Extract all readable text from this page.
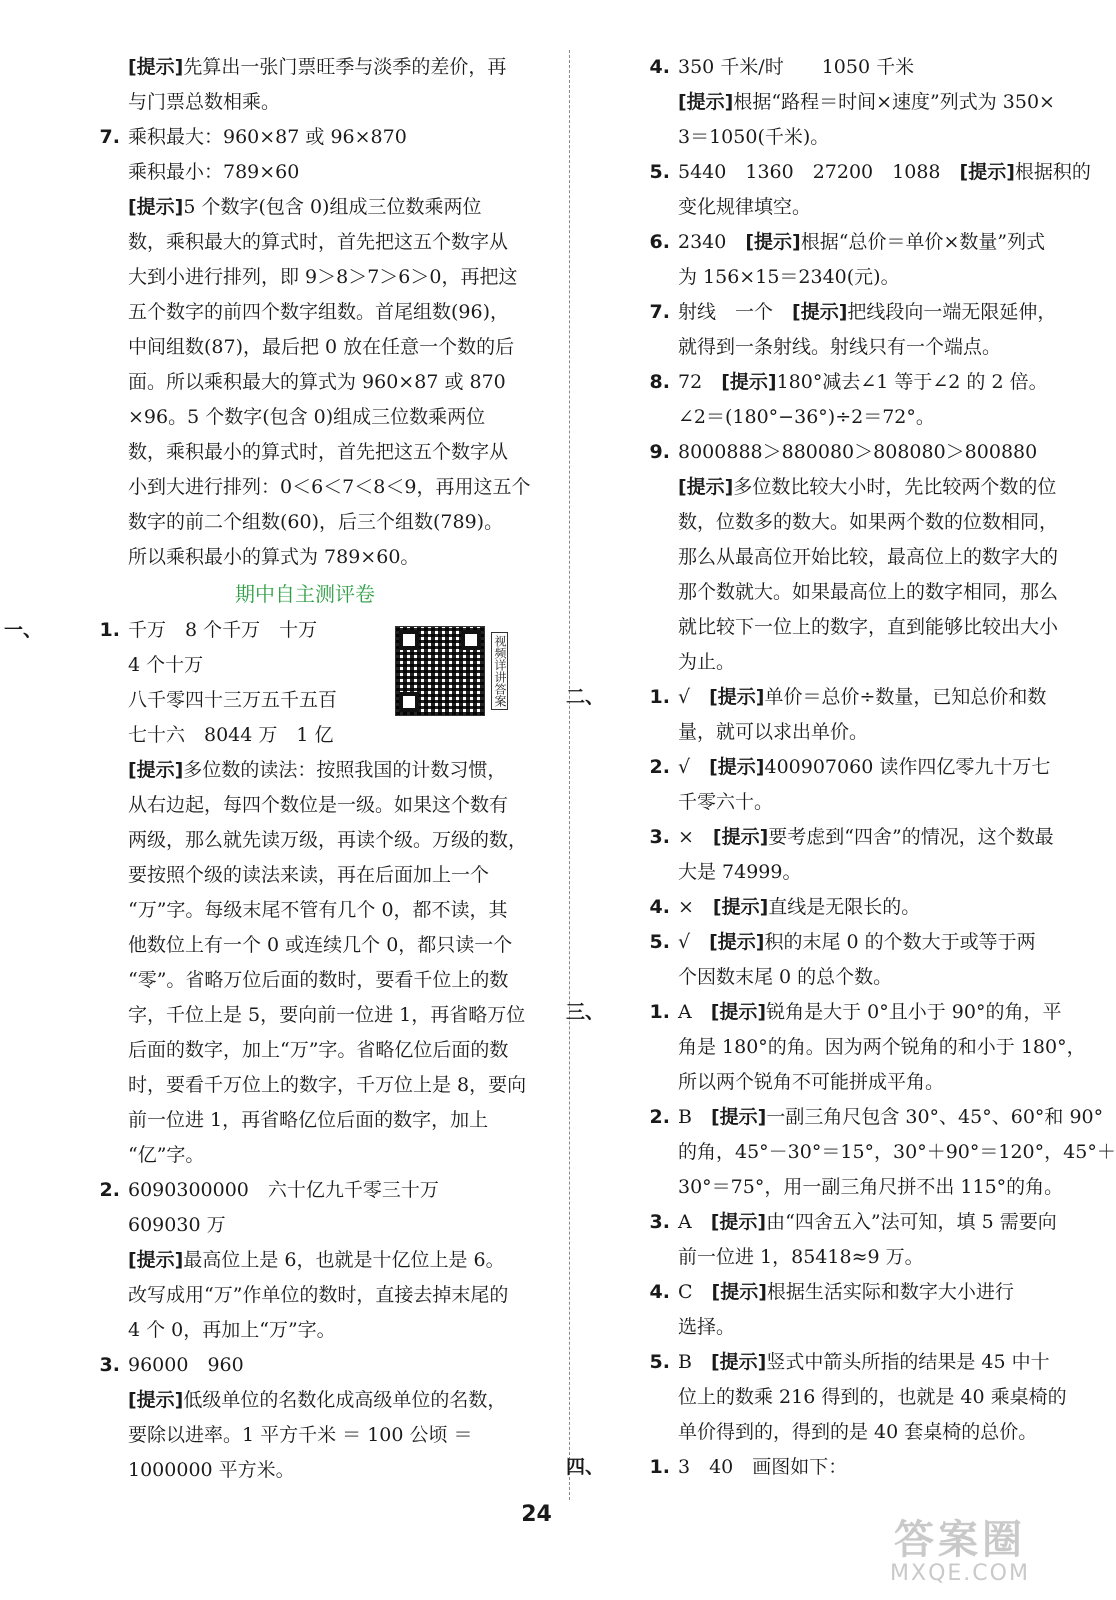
[提示]先算出一张门票旺季与淡季的差价，再
与门票总数相乘。
7. 乘积最大：960×87 或 96×870
乘积最小：789×60
[提示]5 个数字(包含 0)组成三位数乘两位
数，乘积最大的算式时，首先把这五个数字从
大到小进行排列，即 9＞8＞7＞6＞0，再把这
五个数字的前四个数字组数。首尾组数(96)，
中间组数(87)，最后把 0 放在任意一个数的后
面。所以乘积最大的算式为 960×87 或 870
×96。5 个数字(包含 0)组成三位数乘两位
数，乘积最小的算式时，首先把这五个数字从
小到大进行排列：0＜6＜7＜8＜9，再用这五个
数字的前二个组数(60)，后三个组数(789)。
所以乘积最小的算式为 789×60。
期中自主测评卷
一、	1. 千万　8 个千万　十万
4 个十万
八千零四十三万五千五百
七十六　8044 万　1 亿
[提示]多位数的读法：按照我国的计数习惯，
从右边起，每四个数位是一级。如果这个数有
两级，那么就先读万级，再读个级。万级的数，
要按照个级的读法来读，再在后面加上一个
“万”字。每级末尾不管有几个 0，都不读，其
他数位上有一个 0 或连续几个 0，都只读一个
“零”。省略万位后面的数时，要看千位上的数
字，千位上是 5，要向前一位进 1，再省略万位
后面的数字，加上“万”字。省略亿位后面的数
时，要看千万位上的数字，千万位上是 8，要向
前一位进 1，再省略亿位后面的数字，加上
“亿”字。
2. 6090300000　六十亿九千零三十万
609030 万
[提示]最高位上是 6，也就是十亿位上是 6。
改写成用“万”作单位的数时，直接去掉末尾的
4 个 0，再加上“万”字。
3. 96000　960
[提示]低级单位的名数化成高级单位的名数，
要除以进率。1 平方千米 ＝ 100 公顷 ＝
1000000 平方米。
视频详讲答案
4. 350 千米/时　　1050 千米
[提示]根据“路程＝时间×速度”列式为 350×
3＝1050(千米)。
5. 5440　1360　27200　1088　[提示]根据积的
变化规律填空。
6. 2340　[提示]根据“总价＝单价×数量”列式
为 156×15＝2340(元)。
7. 射线　一个　[提示]把线段向一端无限延伸，
就得到一条射线。射线只有一个端点。
8. 72　[提示]180°减去∠1 等于∠2 的 2 倍。
∠2＝(180°−36°)÷2＝72°。
9. 8000888＞880080＞808080＞800880
[提示]多位数比较大小时，先比较两个数的位
数，位数多的数大。如果两个数的位数相同，
那么从最高位开始比较，最高位上的数字大的
那个数就大。如果最高位上的数字相同，那么
就比较下一位上的数字，直到能够比较出大小
为止。
二、 1. √　[提示]单价＝总价÷数量，已知总价和数
量，就可以求出单价。
2. √　[提示]400907060 读作四亿零九十万七
千零六十。
3. ×　[提示]要考虑到“四舍”的情况，这个数最
大是 74999。
4. ×　[提示]直线是无限长的。
5. √　[提示]积的末尾 0 的个数大于或等于两
个因数末尾 0 的总个数。
三、 1. A　[提示]锐角是大于 0°且小于 90°的角，平
角是 180°的角。因为两个锐角的和小于 180°，
所以两个锐角不可能拼成平角。
2. B　[提示]一副三角尺包含 30°、45°、60°和 90°
的角，45°－30°＝15°，30°＋90°＝120°，45°＋
30°＝75°，用一副三角尺拼不出 115°的角。
3. A　[提示]由“四舍五入”法可知，填 5 需要向
前一位进 1，85418≈9 万。
4. C　[提示]根据生活实际和数字大小进行
选择。
5. B　[提示]竖式中箭头所指的结果是 45 中十
位上的数乘 216 得到的，也就是 40 乘桌椅的
单价得到的，得到的是 40 套桌椅的总价。
四、 1. 3　40　画图如下：
24
答案圈
MXQE.COM
